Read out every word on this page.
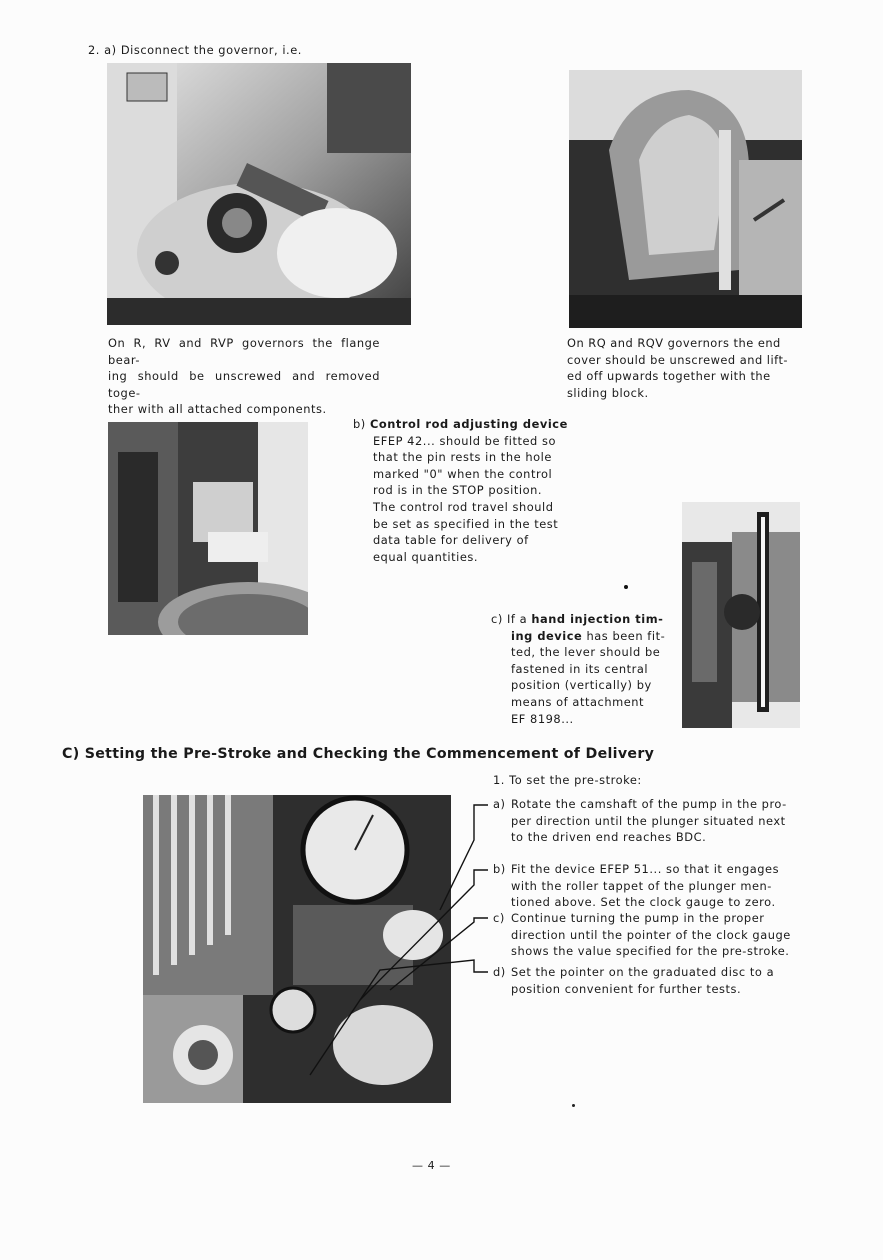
2. a) Disconnect the governor, i.e.
On R, RV and RVP governors the flange bear-
ing should be unscrewed and removed toge-
ther with all attached components.
On RQ and RQV governors the end
cover should be unscrewed and lift-
ed off upwards together with the
sliding block.
b) Control rod adjusting device
EFEP 42... should be fitted so
that the pin rests in the hole
marked "0" when the control
rod is in the STOP position.
The control rod travel should
be set as specified in the test
data table for delivery of
equal quantities.
c) If a hand injection tim-
ing device has been fit-
ted, the lever should be
fastened in its central
position (vertically) by
means of attachment
EF 8198...
C) Setting the Pre-Stroke and Checking the Commencement of Delivery
1. To set the pre-stroke:
a) Rotate the camshaft of the pump in the pro-
per direction until the plunger situated next
to the driven end reaches BDC.
b) Fit the device EFEP 51... so that it engages
with the roller tappet of the plunger men-
tioned above. Set the clock gauge to zero.
c) Continue turning the pump in the proper
direction until the pointer of the clock gauge
shows the value specified for the pre-stroke.
d) Set the pointer on the graduated disc to a
position convenient for further tests.
— 4 —
